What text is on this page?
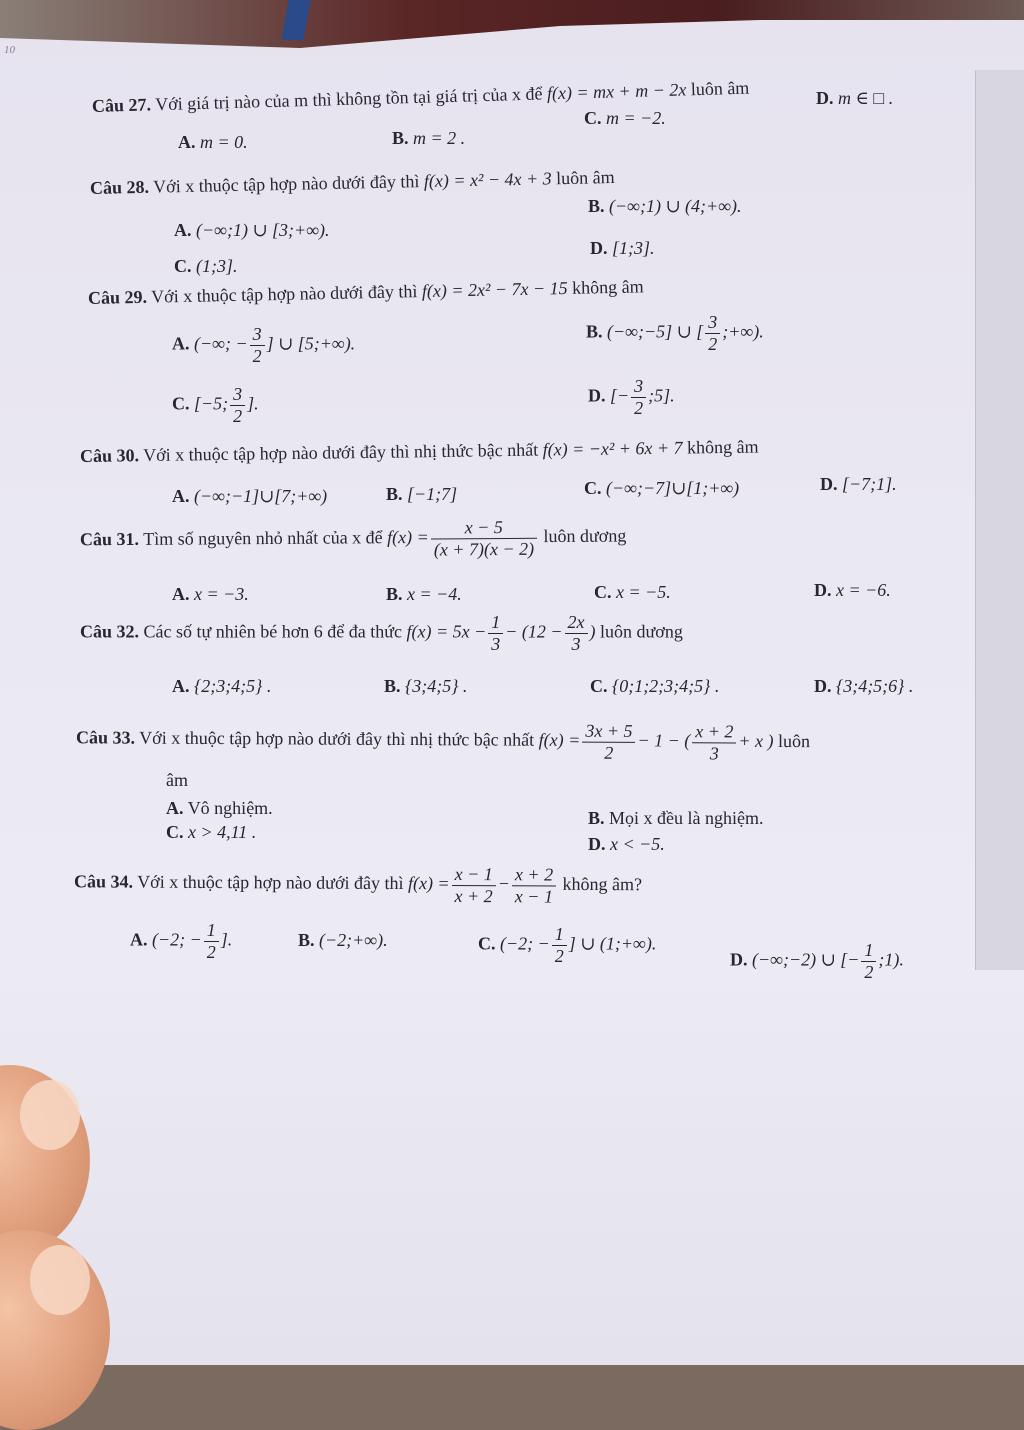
10
Câu 27. Với giá trị nào của m thì không tồn tại giá trị của x để f(x) = mx + m − 2x luôn âm
A. m = 0.	B. m = 2 .
C. m = −2.
D. m ∈ □ .
Câu 28. Với x thuộc tập hợp nào dưới đây thì f(x) = x² − 4x + 3 luôn âm
A. (−∞;1) ∪ [3;+∞).
B. (−∞;1) ∪ (4;+∞).
C. (1;3].
D. [1;3].
Câu 29. Với x thuộc tập hợp nào dưới đây thì f(x) = 2x² − 7x − 15 không âm
A. (−∞; − $\frac{3}{2}$ ] ∪ [5;+∞).
B. (−∞;−5] ∪ [ $\frac{3}{2}$ ;+∞).
C. [−5; $\frac{3}{2}$ ].	D. [− $\frac{3}{2}$ ;5].
Câu 30. Với x thuộc tập hợp nào dưới đây thì nhị thức bậc nhất f(x) = −x² + 6x + 7 không âm
A. (−∞;−1]∪[7;+∞)	B. [−1;7]	C. (−∞;−7]∪[1;+∞)	D. [−7;1].
Câu 31. Tìm số nguyên nhỏ nhất của x để $f(x) = \frac{x - 5}{(x + 7)(x - 2)}$ luôn dương
A. x = −3.	B. x = −4.	C. x = −5.	D. x = −6.
Câu 32. Các số tự nhiên bé hơn 6 để đa thức $f(x) = 5x - \frac{1}{3} - (12 - \frac{2x}{3}$ ) luôn dương
A. {2;3;4;5} .	B. {3;4;5} .	C. {0;1;2;3;4;5} .	D. {3;4;5;6} .
Câu 33. Với x thuộc tập hợp nào dưới đây thì nhị thức bậc nhất $f(x) = \frac{3x + 5}{2} - 1$ − ( $\frac{x + 2}{3} + x$ ) luôn
âm
A. Vô nghiệm.	B. Mọi x đều là nghiệm.
C. x > 4,11 .
D. x < −5.
Câu 34. Với x thuộc tập hợp nào dưới đây thì $f(x) = \frac{x - 1}{x + 2} - \frac{x + 2}{x - 1}$ không âm?
A. (−2; − $\frac{1}{2}$ ].	B. (−2;+∞).	C. (−2; − $\frac{1}{2}$ ] ∪ (1;+∞).
D. (−∞;−2) ∪ [− $\frac{1}{2}$ ;1).
